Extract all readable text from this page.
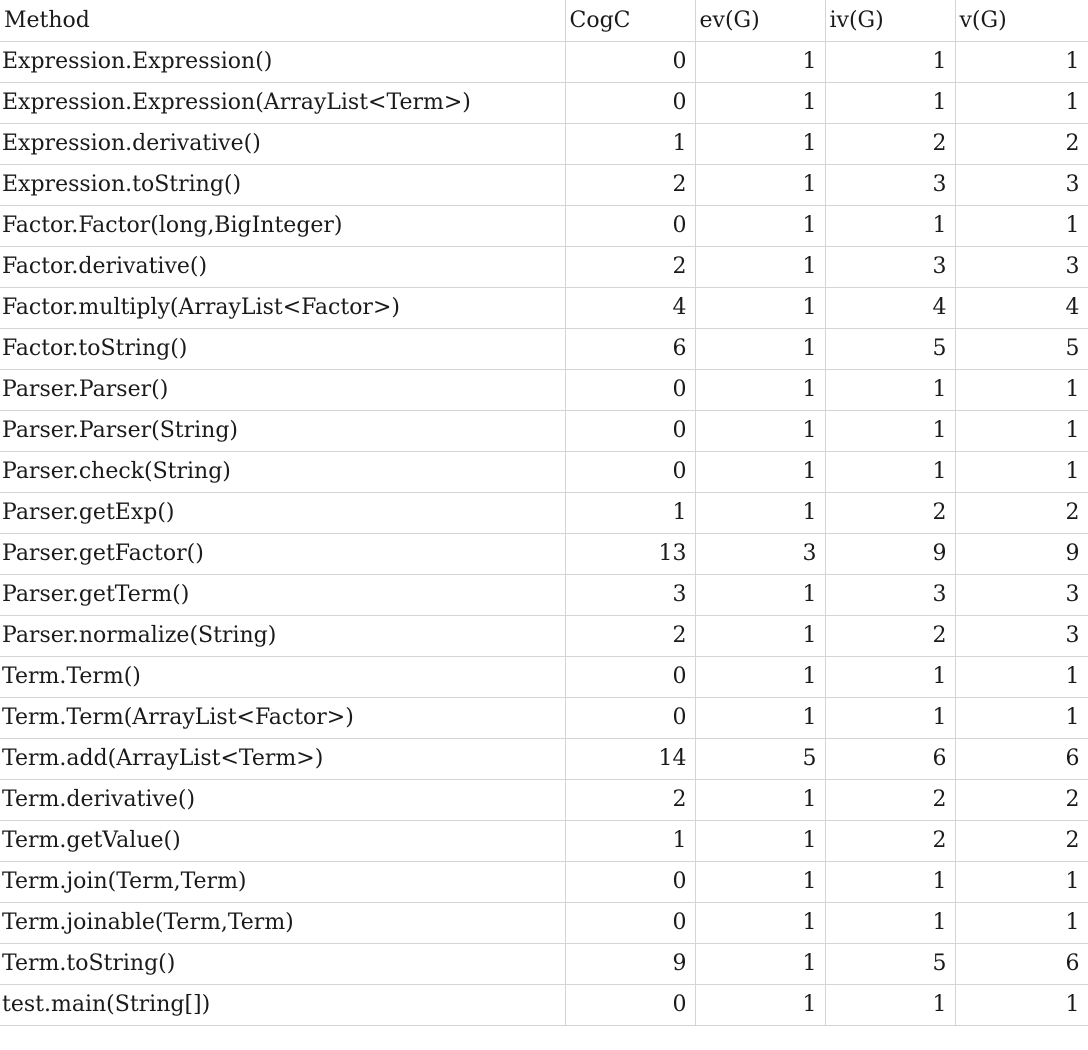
Method	CogC	ev(G)	iv(G)	v(G)
Expression.Expression()	0	1	1	1
Expression.Expression(ArrayList<Term>)	0	1	1	1
Expression.derivative()	1	1	2	2
Expression.toString()	2	1	3	3
Factor.Factor(long,BigInteger)	0	1	1	1
Factor.derivative()	2	1	3	3
Factor.multiply(ArrayList<Factor>)	4	1	4	4
Factor.toString()	6	1	5	5
Parser.Parser()	0	1	1	1
Parser.Parser(String)	0	1	1	1
Parser.check(String)	0	1	1	1
Parser.getExp()	1	1	2	2
Parser.getFactor()	13	3	9	9
Parser.getTerm()	3	1	3	3
Parser.normalize(String)	2	1	2	3
Term.Term()	0	1	1	1
Term.Term(ArrayList<Factor>)	0	1	1	1
Term.add(ArrayList<Term>)	14	5	6	6
Term.derivative()	2	1	2	2
Term.getValue()	1	1	2	2
Term.join(Term,Term)	0	1	1	1
Term.joinable(Term,Term)	0	1	1	1
Term.toString()	9	1	5	6
test.main(String[])	0	1	1	1
